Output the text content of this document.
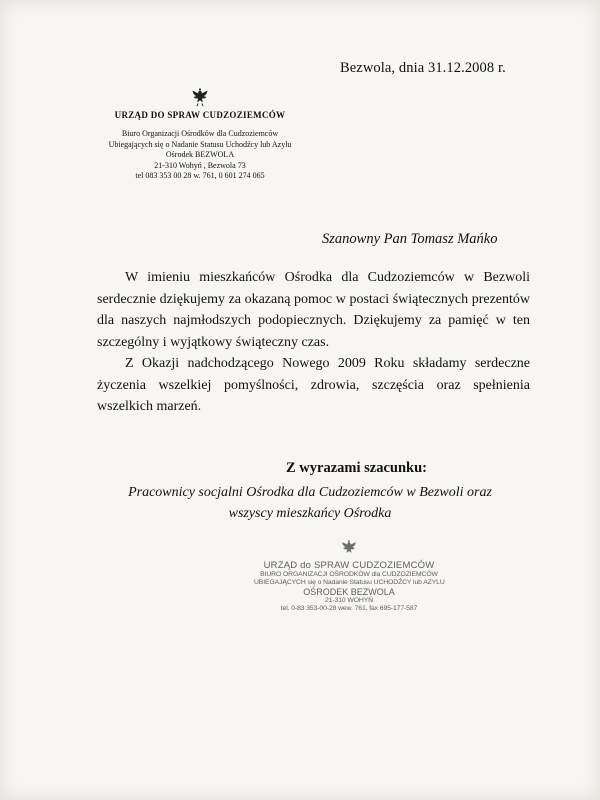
Bezwola, dnia 31.12.2008 r.
URZĄD DO SPRAW CUDZOZIEMCÓW
Biuro Organizacji Ośrodków dla Cudzoziemców
Ubiegających się o Nadanie Statusu Uchodźcy lub Azylu
Ośrodek BEZWOLA
21-310 Wohyń , Bezwola 73
tel 083 353 00 28 w. 761, 0 601 274 065
Szanowny Pan Tomasz Mańko

W imieniu mieszkańców Ośrodka dla Cudzoziemców w Bezwoli serdecznie dziękujemy za okazaną pomoc w postaci świątecznych prezentów dla naszych najmłodszych podopiecznych. Dziękujemy za pamięć w ten szczególny i wyjątkowy świąteczny czas.

Z Okazji nadchodzącego Nowego 2009 Roku składamy serdeczne życzenia wszelkiej pomyślności, zdrowia, szczęścia oraz spełnienia wszelkich marzeń.

Z wyrazami szacunku:
Pracownicy socjalni Ośrodka dla Cudzoziemców w Bezwoli oraz
wszyscy mieszkańcy Ośrodka
URZĄD do SPRAW CUDZOZIEMCÓW
BIURO ORGANIZACJI OŚRODKÓW dla CUDZOZIEMCÓW
UBIEGAJĄCYCH się o Nadanie Statusu UCHODŹCY lub AZYLU
OŚRODEK BEZWOLA
21-310 WOHYŃ
tel. 0-83 353-00-28 wew. 761, fax 695-177-587
